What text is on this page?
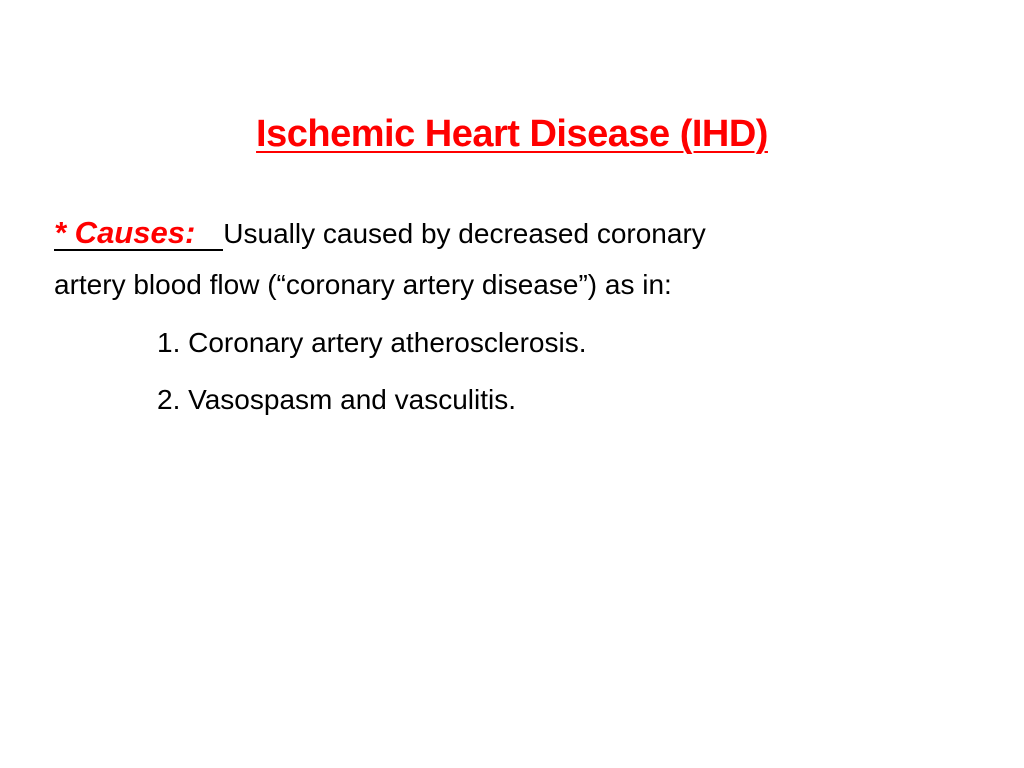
Ischemic Heart Disease (IHD)
* Causes: Usually caused by decreased coronary
artery blood flow (“coronary artery disease”) as in:
1. Coronary artery atherosclerosis.
2. Vasospasm and vasculitis.
